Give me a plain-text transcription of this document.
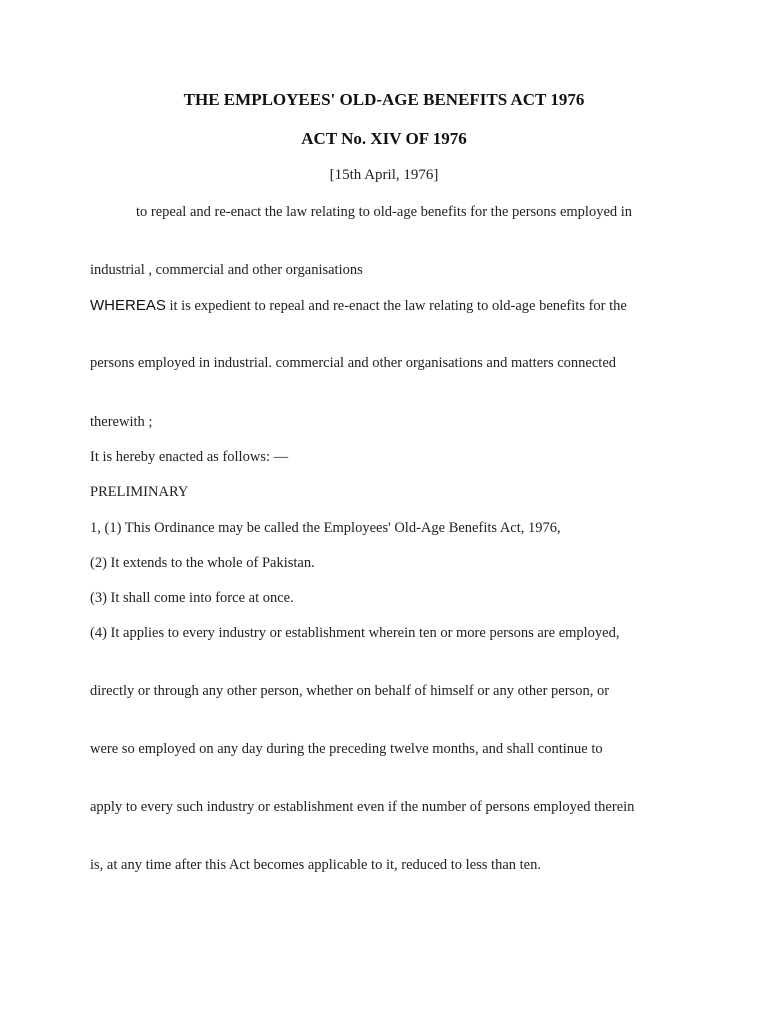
THE EMPLOYEES' OLD-AGE BENEFITS ACT 1976
ACT No. XIV OF 1976

[15th April, 1976]

to repeal and re-enact the law relating to old-age benefits for the persons employed in

industrial , commercial and other organisations

WHEREAS it is expedient to repeal and re-enact the law relating to old-age benefits for the

persons employed in industrial. commercial and other organisations and matters connected

therewith ;

It is hereby enacted as follows: —

PRELIMINARY

1, (1) This Ordinance may be called the Employees' Old-Age Benefits Act, 1976,

(2) It extends to the whole of Pakistan.

(3) It shall come into force at once.

(4) It applies to every industry or establishment wherein ten or more persons are employed,

directly or through any other person, whether on behalf of himself or any other person, or

were so employed on any day during the preceding twelve months, and shall continue to

apply to every such industry or establishment even if the number of persons employed therein

is, at any time after this Act becomes applicable to it, reduced to less than ten.
